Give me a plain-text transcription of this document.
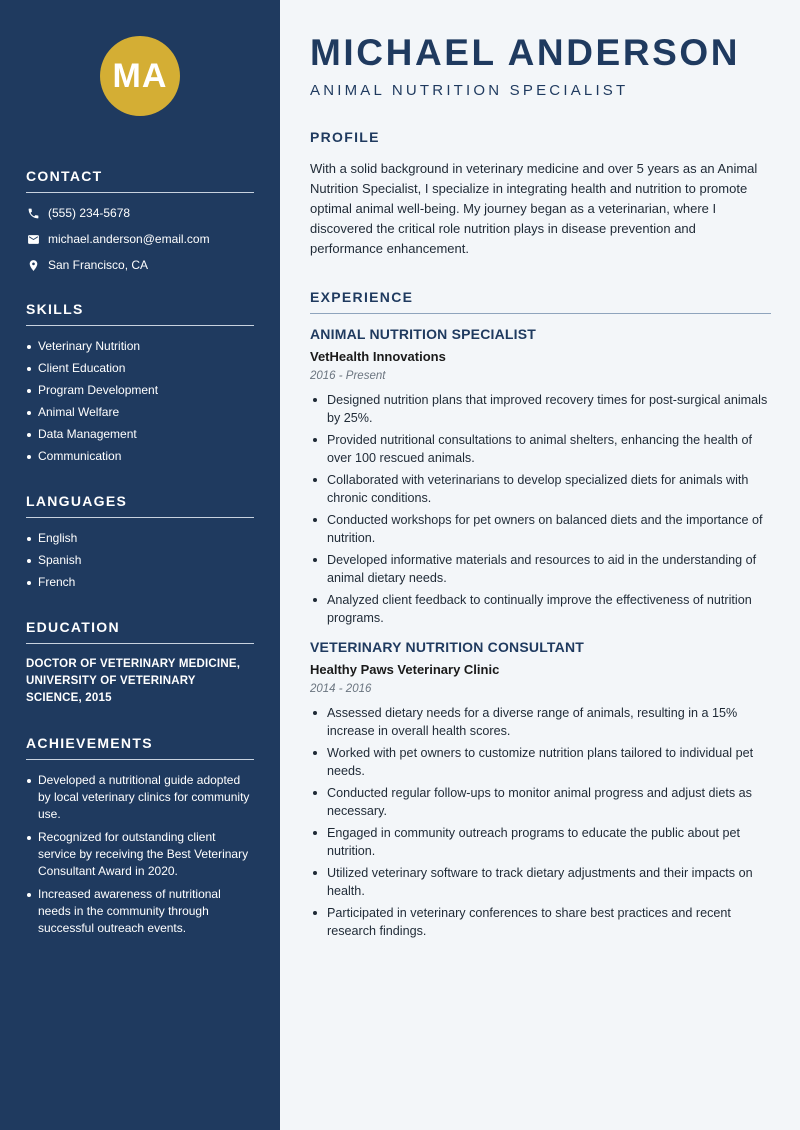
MA
CONTACT
(555) 234-5678
michael.anderson@email.com
San Francisco, CA
SKILLS
Veterinary Nutrition
Client Education
Program Development
Animal Welfare
Data Management
Communication
LANGUAGES
English
Spanish
French
EDUCATION

DOCTOR OF VETERINARY MEDICINE, UNIVERSITY OF VETERINARY SCIENCE, 2015

ACHIEVEMENTS
Developed a nutritional guide adopted by local veterinary clinics for community use.
Recognized for outstanding client service by receiving the Best Veterinary Consultant Award in 2020.
Increased awareness of nutritional needs in the community through successful outreach events.
MICHAEL ANDERSON
ANIMAL NUTRITION SPECIALIST
PROFILE

With a solid background in veterinary medicine and over 5 years as an Animal Nutrition Specialist, I specialize in integrating health and nutrition to promote optimal animal well-being. My journey began as a veterinarian, where I discovered the critical role nutrition plays in disease prevention and performance enhancement.

EXPERIENCE
ANIMAL NUTRITION SPECIALIST
VetHealth Innovations
2016 - Present
Designed nutrition plans that improved recovery times for post-surgical animals by 25%.
Provided nutritional consultations to animal shelters, enhancing the health of over 100 rescued animals.
Collaborated with veterinarians to develop specialized diets for animals with chronic conditions.
Conducted workshops for pet owners on balanced diets and the importance of nutrition.
Developed informative materials and resources to aid in the understanding of animal dietary needs.
Analyzed client feedback to continually improve the effectiveness of nutrition programs.
VETERINARY NUTRITION CONSULTANT
Healthy Paws Veterinary Clinic
2014 - 2016
Assessed dietary needs for a diverse range of animals, resulting in a 15% increase in overall health scores.
Worked with pet owners to customize nutrition plans tailored to individual pet needs.
Conducted regular follow-ups to monitor animal progress and adjust diets as necessary.
Engaged in community outreach programs to educate the public about pet nutrition.
Utilized veterinary software to track dietary adjustments and their impacts on health.
Participated in veterinary conferences to share best practices and recent research findings.
